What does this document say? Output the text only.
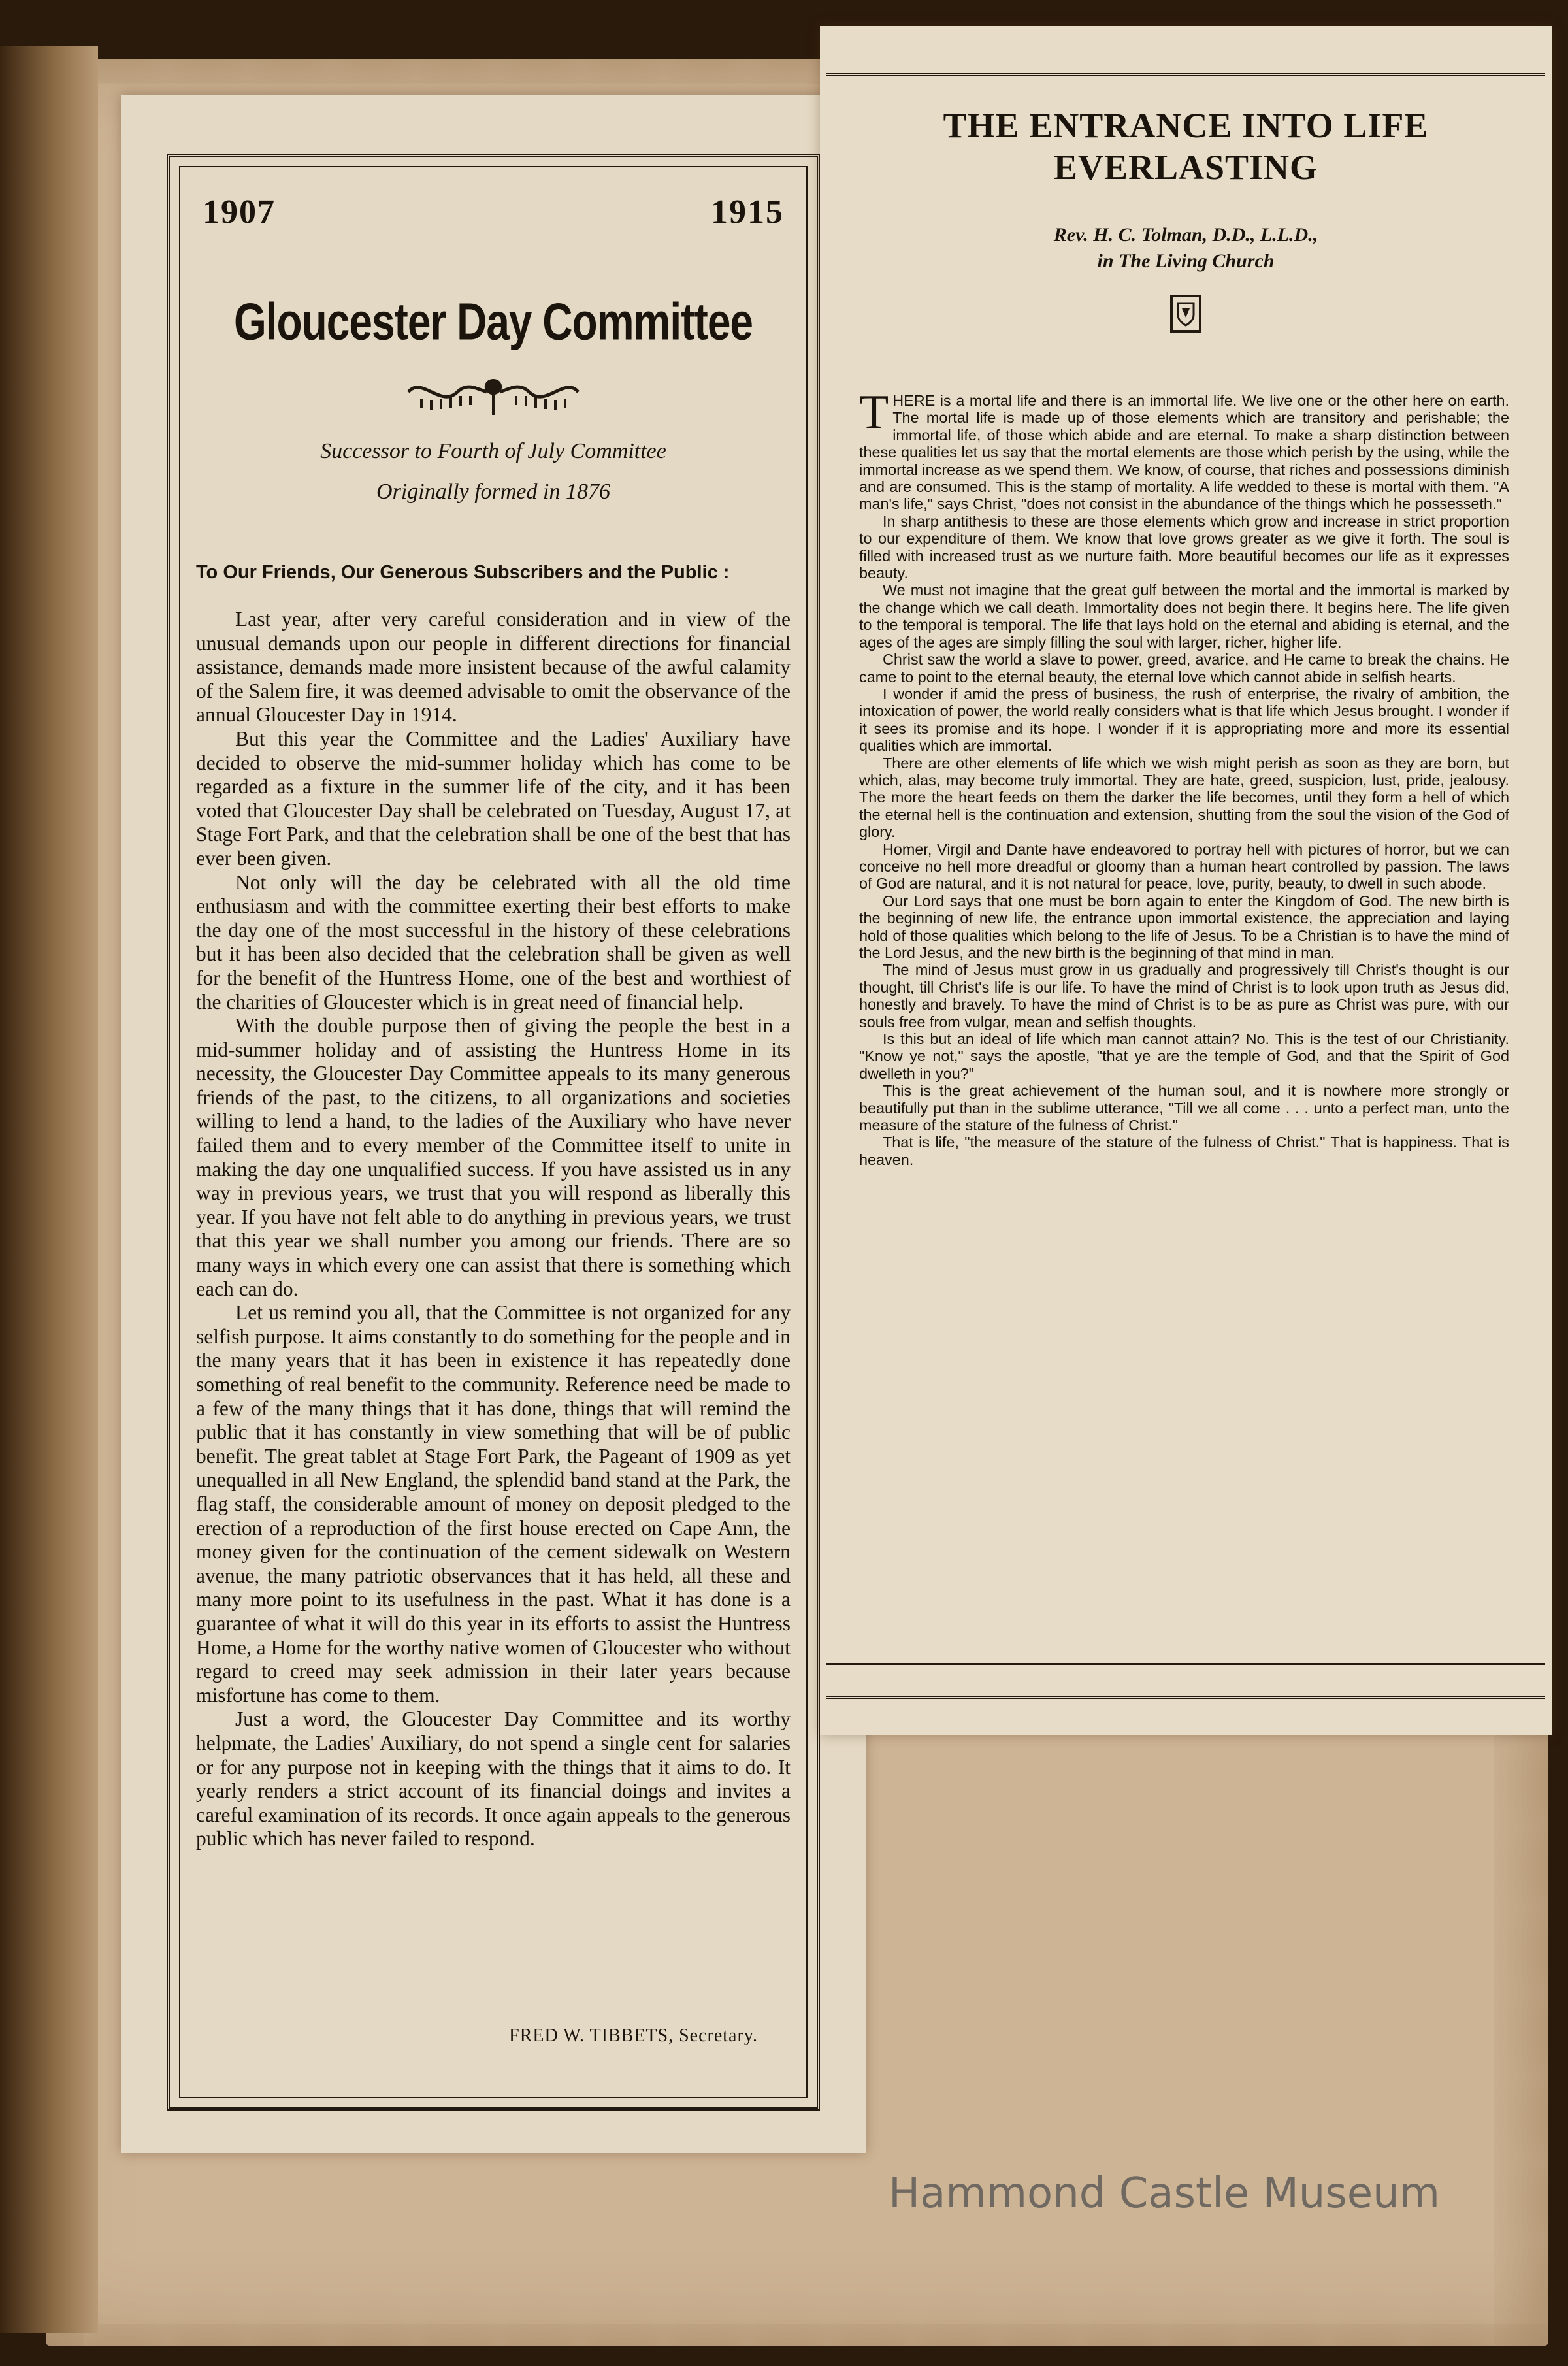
1907	1915
Gloucester Day Committee
Successor to Fourth of July Committee
Originally formed in 1876
To Our Friends, Our Generous Subscribers and the Public :

Last year, after very careful consideration and in view of the unusual demands upon our people in different directions for financial assistance, demands made more insistent because of the awful calamity of the Salem fire, it was deemed advisable to omit the observance of the annual Gloucester Day in 1914.

But this year the Committee and the Ladies' Auxiliary have decided to observe the mid-summer holiday which has come to be regarded as a fixture in the summer life of the city, and it has been voted that Gloucester Day shall be celebrated on Tuesday, August 17, at Stage Fort Park, and that the celebration shall be one of the best that has ever been given.

Not only will the day be celebrated with all the old time enthusiasm and with the committee exerting their best efforts to make the day one of the most successful in the history of these celebrations but it has been also decided that the celebration shall be given as well for the benefit of the Huntress Home, one of the best and worthiest of the charities of Gloucester which is in great need of financial help.

With the double purpose then of giving the people the best in a mid-summer holiday and of assisting the Huntress Home in its necessity, the Gloucester Day Committee appeals to its many generous friends of the past, to the citizens, to all organizations and societies willing to lend a hand, to the ladies of the Auxiliary who have never failed them and to every member of the Committee itself to unite in making the day one unqualified success. If you have assisted us in any way in previous years, we trust that you will respond as liberally this year. If you have not felt able to do anything in previous years, we trust that this year we shall number you among our friends. There are so many ways in which every one can assist that there is something which each can do.

Let us remind you all, that the Committee is not organized for any selfish purpose. It aims constantly to do something for the people and in the many years that it has been in existence it has repeatedly done something of real benefit to the community. Reference need be made to a few of the many things that it has done, things that will remind the public that it has constantly in view something that will be of public benefit. The great tablet at Stage Fort Park, the Pageant of 1909 as yet unequalled in all New England, the splendid band stand at the Park, the flag staff, the considerable amount of money on deposit pledged to the erection of a reproduction of the first house erected on Cape Ann, the money given for the continuation of the cement sidewalk on Western avenue, the many patriotic observances that it has held, all these and many more point to its usefulness in the past. What it has done is a guarantee of what it will do this year in its efforts to assist the Huntress Home, a Home for the worthy native women of Gloucester who without regard to creed may seek admission in their later years because misfortune has come to them.

Just a word, the Gloucester Day Committee and its worthy helpmate, the Ladies' Auxiliary, do not spend a single cent for salaries or for any purpose not in keeping with the things that it aims to do. It yearly renders a strict account of its financial doings and invites a careful examination of its records. It once again appeals to the generous public which has never failed to respond.

FRED W. TIBBETS, Secretary.
THE ENTRANCE INTO LIFE
EVERLASTING
Rev. H. C. Tolman, D.D., L.L.D.,
in The Living Church

THERE is a mortal life and there is an immortal life. We live one or the other here on earth. The mortal life is made up of those elements which are transitory and perishable; the immortal life, of those which abide and are eternal. To make a sharp distinction between these qualities let us say that the mortal elements are those which perish by the using, while the immortal increase as we spend them. We know, of course, that riches and possessions diminish and are consumed. This is the stamp of mortality. A life wedded to these is mortal with them. "A man's life," says Christ, "does not consist in the abundance of the things which he possesseth."

In sharp antithesis to these are those elements which grow and increase in strict proportion to our expenditure of them. We know that love grows greater as we give it forth. The soul is filled with increased trust as we nurture faith. More beautiful becomes our life as it expresses beauty.

We must not imagine that the great gulf between the mortal and the immortal is marked by the change which we call death. Immortality does not begin there. It begins here. The life given to the temporal is temporal. The life that lays hold on the eternal and abiding is eternal, and the ages of the ages are simply filling the soul with larger, richer, higher life.

Christ saw the world a slave to power, greed, avarice, and He came to break the chains. He came to point to the eternal beauty, the eternal love which cannot abide in selfish hearts.

I wonder if amid the press of business, the rush of enterprise, the rivalry of ambition, the intoxication of power, the world really considers what is that life which Jesus brought. I wonder if it sees its promise and its hope. I wonder if it is appropriating more and more its essential qualities which are immortal.

There are other elements of life which we wish might perish as soon as they are born, but which, alas, may become truly immortal. They are hate, greed, suspicion, lust, pride, jealousy. The more the heart feeds on them the darker the life becomes, until they form a hell of which the eternal hell is the continuation and extension, shutting from the soul the vision of the God of glory.

Homer, Virgil and Dante have endeavored to portray hell with pictures of horror, but we can conceive no hell more dreadful or gloomy than a human heart controlled by passion. The laws of God are natural, and it is not natural for peace, love, purity, beauty, to dwell in such abode.

Our Lord says that one must be born again to enter the Kingdom of God. The new birth is the beginning of new life, the entrance upon immortal existence, the appreciation and laying hold of those qualities which belong to the life of Jesus. To be a Christian is to have the mind of the Lord Jesus, and the new birth is the beginning of that mind in man.

The mind of Jesus must grow in us gradually and progressively till Christ's thought is our thought, till Christ's life is our life. To have the mind of Christ is to look upon truth as Jesus did, honestly and bravely. To have the mind of Christ is to be as pure as Christ was pure, with our souls free from vulgar, mean and selfish thoughts.

Is this but an ideal of life which man cannot attain? No. This is the test of our Christianity. "Know ye not," says the apostle, "that ye are the temple of God, and that the Spirit of God dwelleth in you?"

This is the great achievement of the human soul, and it is nowhere more strongly or beautifully put than in the sublime utterance, "Till we all come . . . unto a perfect man, unto the measure of the stature of the fulness of Christ."

That is life, "the measure of the stature of the fulness of Christ." That is happiness. That is heaven.

Hammond Castle Museum
